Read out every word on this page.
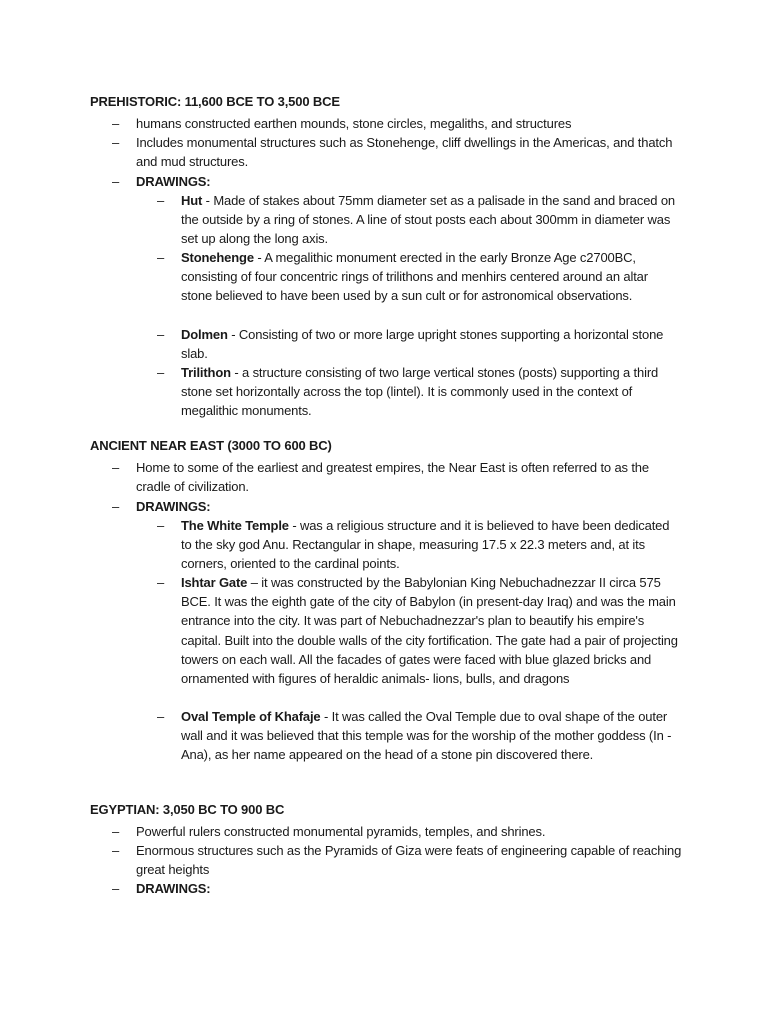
PREHISTORIC: 11,600 BCE TO 3,500 BCE
– humans constructed earthen mounds, stone circles, megaliths, and structures
– Includes monumental structures such as Stonehenge, cliff dwellings in the Americas, and thatch and mud structures.
– DRAWINGS:
– Hut - Made of stakes about 75mm diameter set as a palisade in the sand and braced on the outside by a ring of stones. A line of stout posts each about 300mm in diameter was set up along the long axis.
– Stonehenge - A megalithic monument erected in the early Bronze Age c2700BC, consisting of four concentric rings of trilithons and menhirs centered around an altar stone believed to have been used by a sun cult or for astronomical observations.
– Dolmen - Consisting of two or more large upright stones supporting a horizontal stone slab.
– Trilithon - a structure consisting of two large vertical stones (posts) supporting a third stone set horizontally across the top (lintel). It is commonly used in the context of megalithic monuments.
ANCIENT NEAR EAST (3000 TO 600 BC)
– Home to some of the earliest and greatest empires, the Near East is often referred to as the cradle of civilization.
– DRAWINGS:
– The White Temple - was a religious structure and it is believed to have been dedicated to the sky god Anu. Rectangular in shape, measuring 17.5 x 22.3 meters and, at its corners, oriented to the cardinal points.
– Ishtar Gate – it was constructed by the Babylonian King Nebuchadnezzar II circa 575 BCE. It was the eighth gate of the city of Babylon (in present-day Iraq) and was the main entrance into the city. It was part of Nebuchadnezzar's plan to beautify his empire's capital. Built into the double walls of the city fortification. The gate had a pair of projecting towers on each wall. All the facades of gates were faced with blue glazed bricks and ornamented with figures of heraldic animals- lions, bulls, and dragons
– Oval Temple of Khafaje - It was called the Oval Temple due to oval shape of the outer wall and it was believed that this temple was for the worship of the mother goddess (In -Ana), as her name appeared on the head of a stone pin discovered there.
EGYPTIAN: 3,050 BC TO 900 BC
– Powerful rulers constructed monumental pyramids, temples, and shrines.
– Enormous structures such as the Pyramids of Giza were feats of engineering capable of reaching great heights
– DRAWINGS:
